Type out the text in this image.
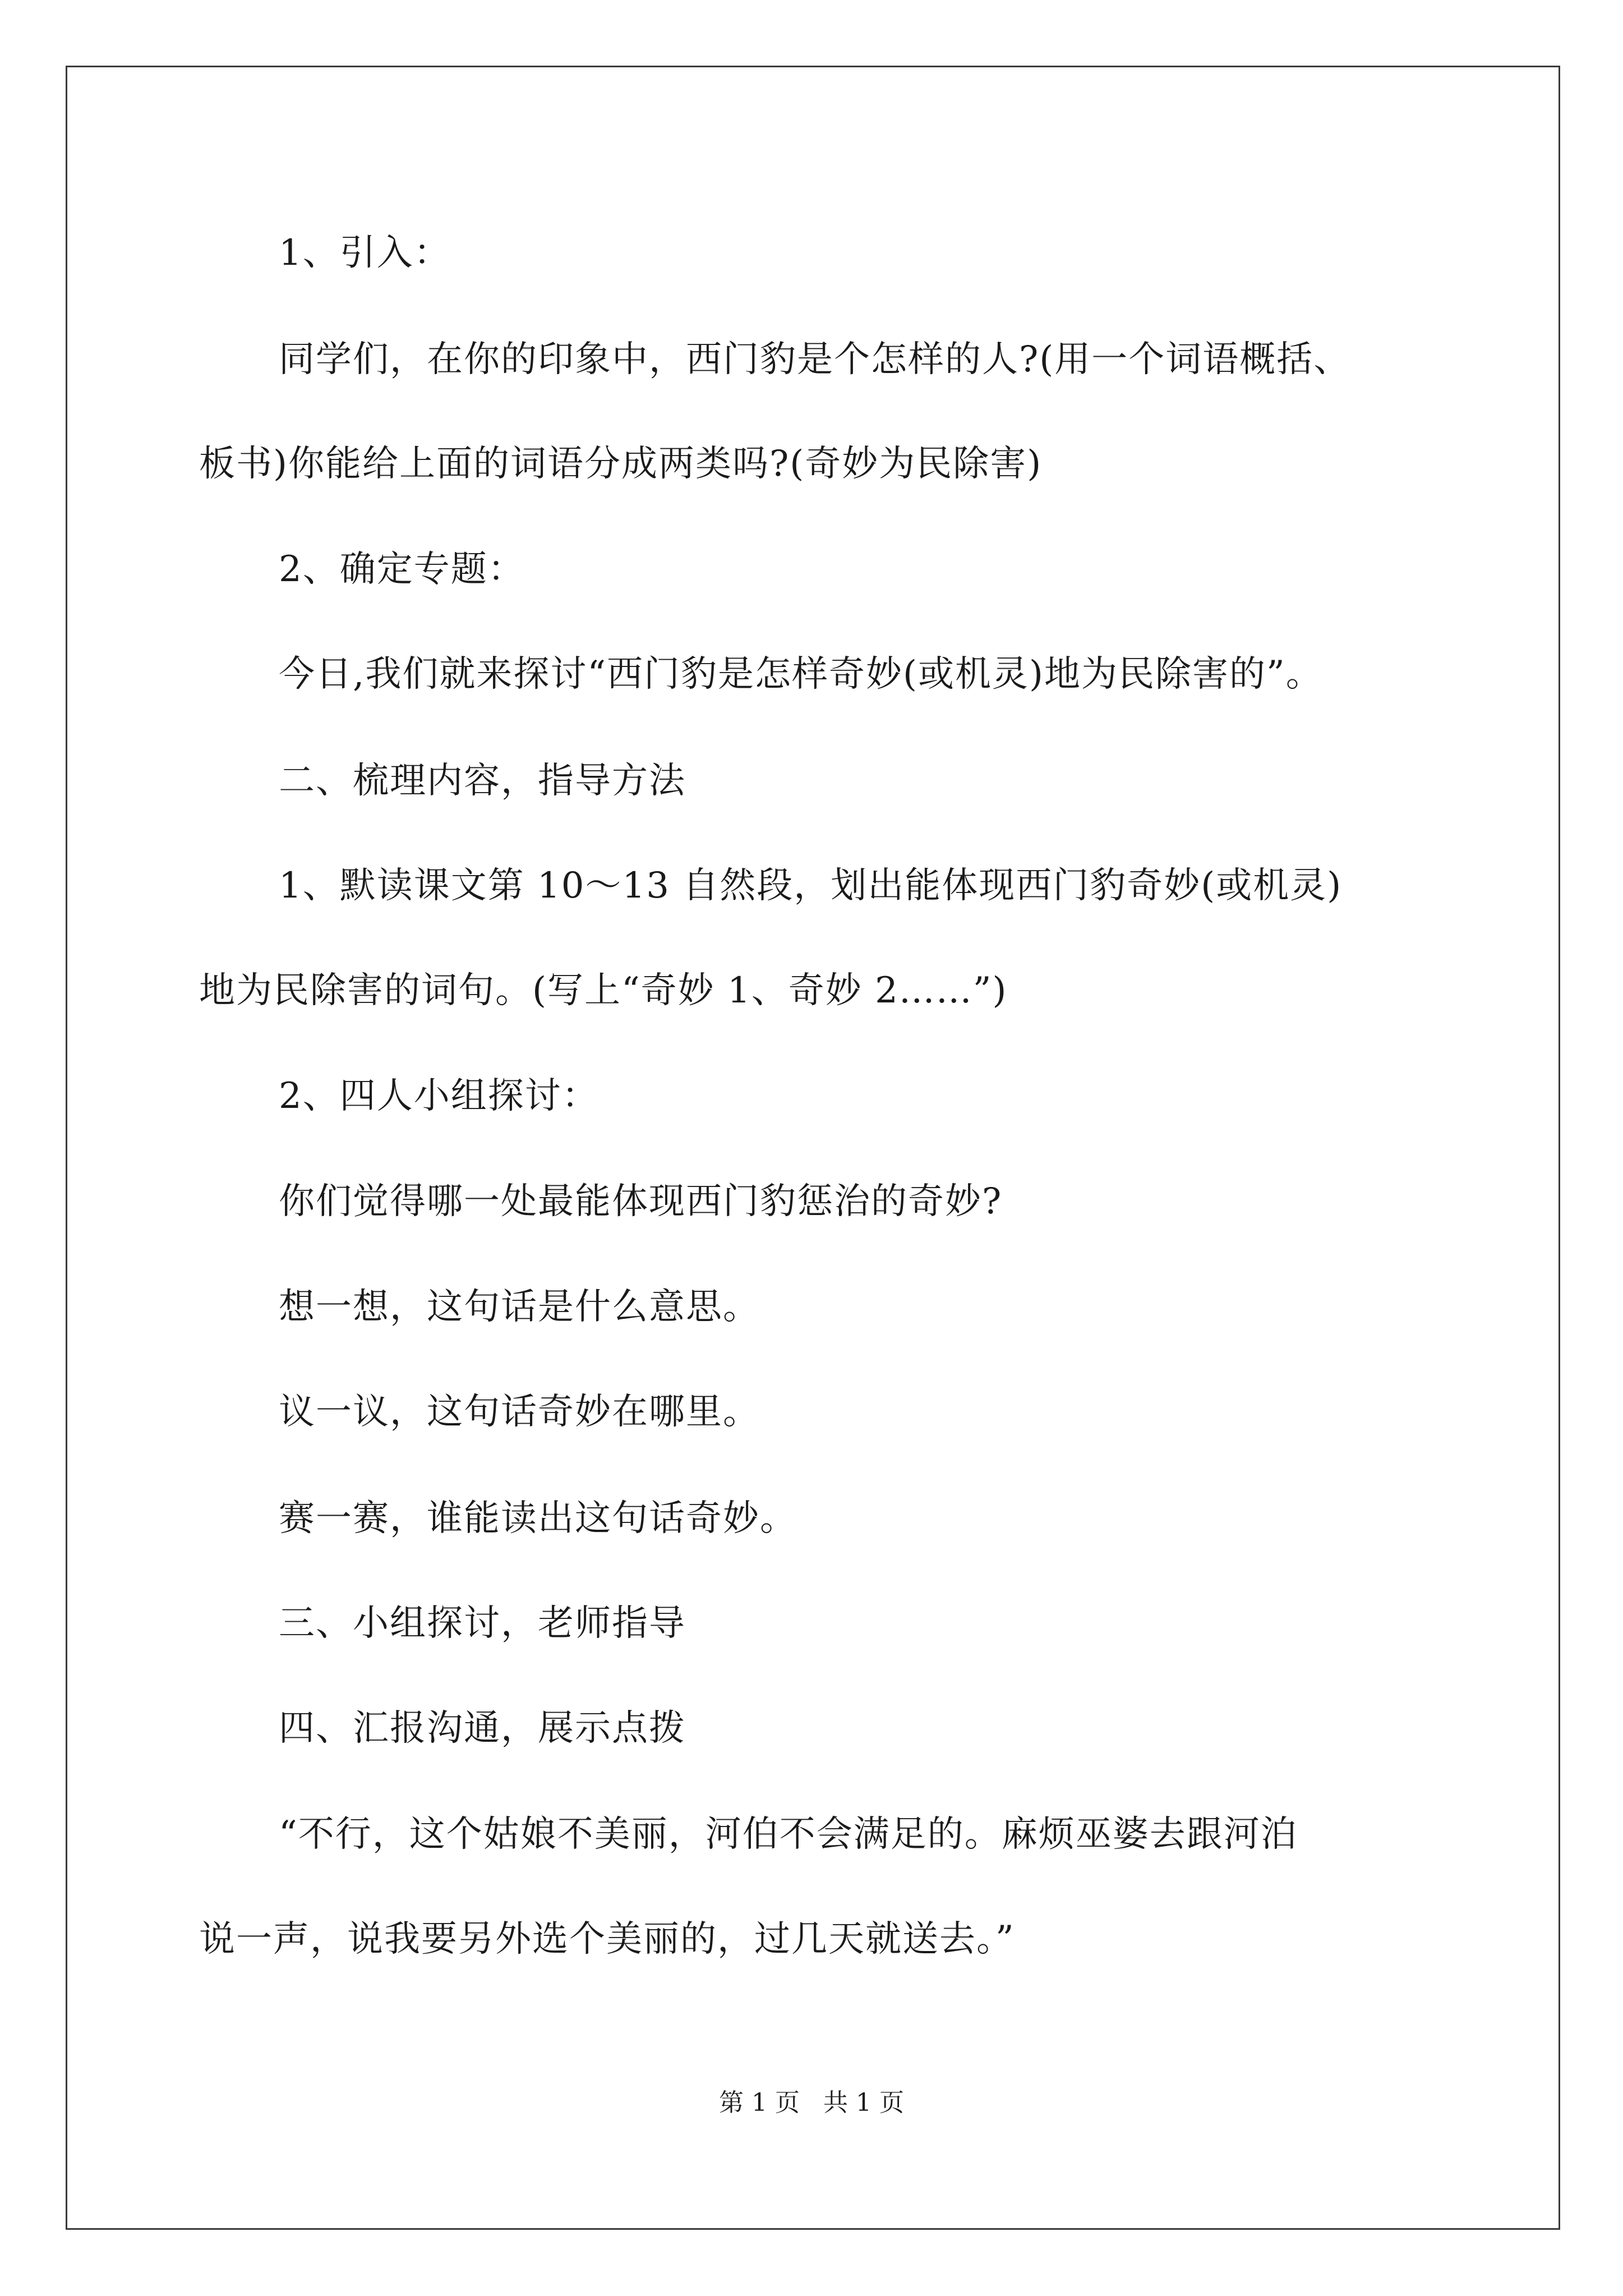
1、引入：
同学们，在你的印象中，西门豹是个怎样的人?(用一个词语概括、
板书)你能给上面的词语分成两类吗?(奇妙为民除害)
2、确定专题：
今日,我们就来探讨“西门豹是怎样奇妙(或机灵)地为民除害的”。
二、梳理内容，指导方法
1、默读课文第 10～13 自然段，划出能体现西门豹奇妙(或机灵)
地为民除害的词句。(写上“奇妙 1、奇妙 2……”)
2、四人小组探讨：
你们觉得哪一处最能体现西门豹惩治的奇妙?
想一想，这句话是什么意思。
议一议，这句话奇妙在哪里。
赛一赛，谁能读出这句话奇妙。
三、小组探讨，老师指导
四、汇报沟通，展示点拨
“不行，这个姑娘不美丽，河伯不会满足的。麻烦巫婆去跟河泊
说一声，说我要另外选个美丽的，过几天就送去。”
第 1 页   共 1 页
